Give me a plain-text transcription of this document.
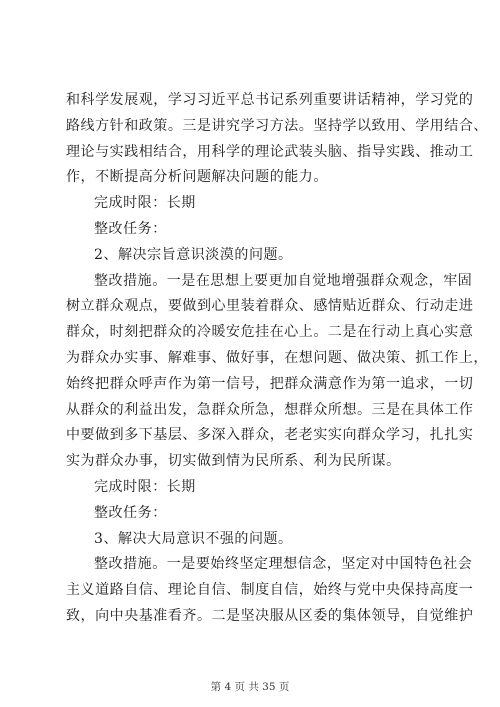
和科学发展观，学习习近平总书记系列重要讲话精神，学习党的
路线方针和政策。三是讲究学习方法。坚持学以致用、学用结合、
理论与实践相结合，用科学的理论武装头脑、指导实践、推动工
作，不断提高分析问题解决问题的能力。
完成时限：长期
整改任务：
2、解决宗旨意识淡漠的问题。
整改措施。一是在思想上要更加自觉地增强群众观念，牢固
树立群众观点，要做到心里装着群众、感情贴近群众、行动走进
群众，时刻把群众的冷暖安危挂在心上。二是在行动上真心实意
为群众办实事、解难事、做好事，在想问题、做决策、抓工作上，
始终把群众呼声作为第一信号，把群众满意作为第一追求，一切
从群众的利益出发，急群众所急，想群众所想。三是在具体工作
中要做到多下基层、多深入群众，老老实实向群众学习，扎扎实
实为群众办事，切实做到情为民所系、利为民所谋。
完成时限：长期
整改任务：
3、解决大局意识不强的问题。
整改措施。一是要始终坚定理想信念，坚定对中国特色社会
主义道路自信、理论自信、制度自信，始终与党中央保持高度一
致，向中央基准看齐。二是坚决服从区委的集体领导，自觉维护
第 4 页 共 35 页
